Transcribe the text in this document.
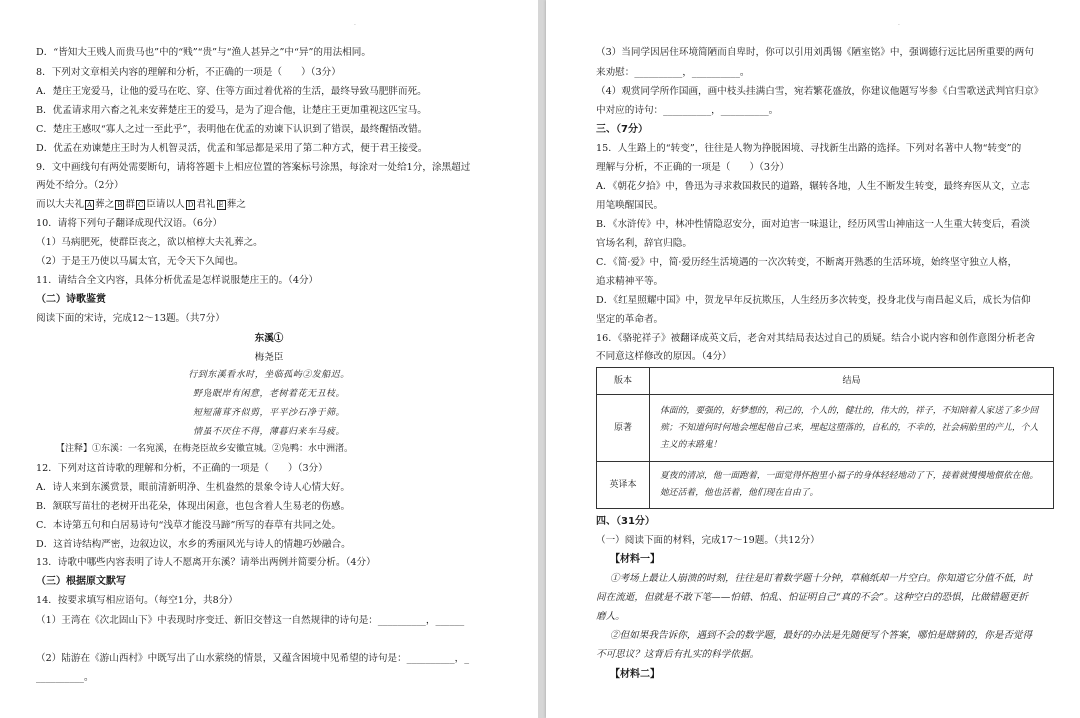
·
D．“皆知大王贱人而贵马也”中的“贱”“贵”与“渔人甚异之”中“异”的用法相同。
8．下列对文章相关内容的理解和分析，不正确的一项是（　　）（3分）
A．楚庄王宠爱马，让他的爱马在吃、穿、住等方面过着优裕的生活，最终导致马肥胖而死。
B．优孟请求用六畜之礼来安葬楚庄王的爱马，是为了迎合他，让楚庄王更加重视这匹宝马。
C．楚庄王感叹“寡人之过一至此乎”，表明他在优孟的劝谏下认识到了错误，最终醒悟改错。
D．优孟在劝谏楚庄王时为人机智灵活，优孟和邹忌都是采用了第二种方式，便于君王接受。
9．文中画线句有两处需要断句，请将答题卡上相应位置的答案标号涂黑，每涂对一处给1分，涂黑超过
两处不给分。（2分）
而以大夫礼 A 葬之 B 群 C 臣请以人 D 君礼 E 葬之
10．请将下列句子翻译成现代汉语。（6分）
（1）马病肥死，使群臣丧之，欲以棺椁大夫礼葬之。
（2）于是王乃使以马属太官，无令天下久闻也。
11．请结合全文内容，具体分析优孟是怎样说服楚庄王的。（4分）
（二）诗歌鉴赏
阅读下面的宋诗，完成12～13题。（共7分）
东溪①
梅尧臣
行到东溪看水时，坐临孤屿②发船迟。
野凫眠岸有闲意，老树着花无丑枝。
短短蒲茸齐似剪，平平沙石净于筛。
情虽不厌住不得，薄暮归来车马疲。
【注释】①东溪：一名宛溪，在梅尧臣故乡安徽宣城。②凫鸭：水中洲渚。
12．下列对这首诗歌的理解和分析，不正确的一项是（　　）（3分）
A．诗人来到东溪赏景，眼前清新明净、生机盎然的景象令诗人心情大好。
B．颔联写苗壮的老树开出花朵，体现出闲意，也包含着人生易老的伤感。
C．本诗第五句和白居易诗句“浅草才能没马蹄”所写的春草有共同之处。
D．这首诗结构严密，边叙边议，水乡的秀丽风光与诗人的情趣巧妙融合。
13．诗歌中哪些内容表明了诗人不愿离开东溪？请举出两例并简要分析。（4分）
（三）根据原文默写
14．按要求填写相应语句。（每空1分，共8分）
（1）王湾在《次北固山下》中表现时序变迁、新旧交替这一自然规律的诗句是：__________，______
（2）陆游在《游山西村》中既写出了山水萦绕的情景，又蕴含困境中见希望的诗句是：__________，_
__________。
·
（3）当同学因居住环境简陋而自卑时，你可以引用刘禹锡《陋室铭》中，强调德行远比居所重要的两句
来劝慰：__________，__________。
（4）观赏同学所作国画，画中枝头挂满白雪，宛若繁花盛放，你建议他题写岑参《白雪歌送武判官归京》
中对应的诗句：__________，__________。
三、（7分）
15．人生路上的“转变”，往往是人物为挣脱困境、寻找新生出路的选择。下列对名著中人物“转变”的
理解与分析，不正确的一项是（　　）（3分）
A．《朝花夕拾》中，鲁迅为寻求救国救民的道路，辗转各地，人生不断发生转变，最终弃医从文，立志
用笔唤醒国民。
B．《水浒传》中，林冲性情隐忍安分，面对迫害一味退让，经历风雪山神庙这一人生重大转变后，看淡
官场名利，辞官归隐。
C．《简·爱》中，简·爱历经生活境遇的一次次转变，不断离开熟悉的生活环境，始终坚守独立人格，
追求精神平等。
D．《红星照耀中国》中，贺龙早年反抗欺压，人生经历多次转变，投身北伐与南昌起义后，成长为信仰
坚定的革命者。
16．《骆驼祥子》被翻译成英文后，老舍对其结局表达过自己的质疑。结合小说内容和创作意图分析老舍
不同意这样修改的原因。（4分）
版本	结局
原著	体面的，要强的，好梦想的，利己的，个人的，健壮的，伟大的，祥子，不知陪着人家送了多少回殡；不知道何时何地会埋起他自己来，埋起这堕落的，自私的，不幸的，社会病胎里的产儿，个人主义的末路鬼！
英译本	夏夜的清凉，他一面跑着，一面觉得怀抱里小福子的身体轻轻地动了下，接着就慢慢地偎依在他。她还活着，他也活着，他们现在自由了。
四、（31分）
（一）阅读下面的材料，完成17～19题。（共12分）
【材料一】
①考场上最让人崩溃的时刻，往往是盯着数学题十分钟，草稿纸却一片空白。你知道它分值不低，时
间在流逝，但就是不敢下笔——怕错、怕乱、怕证明自己“真的不会”。这种空白的恐惧，比做错题更折
磨人。
②但如果我告诉你，遇到不会的数学题，最好的办法是先随便写个答案，哪怕是瞎猜的，你是否觉得
不可思议？这背后有扎实的科学依据。
【材料二】
